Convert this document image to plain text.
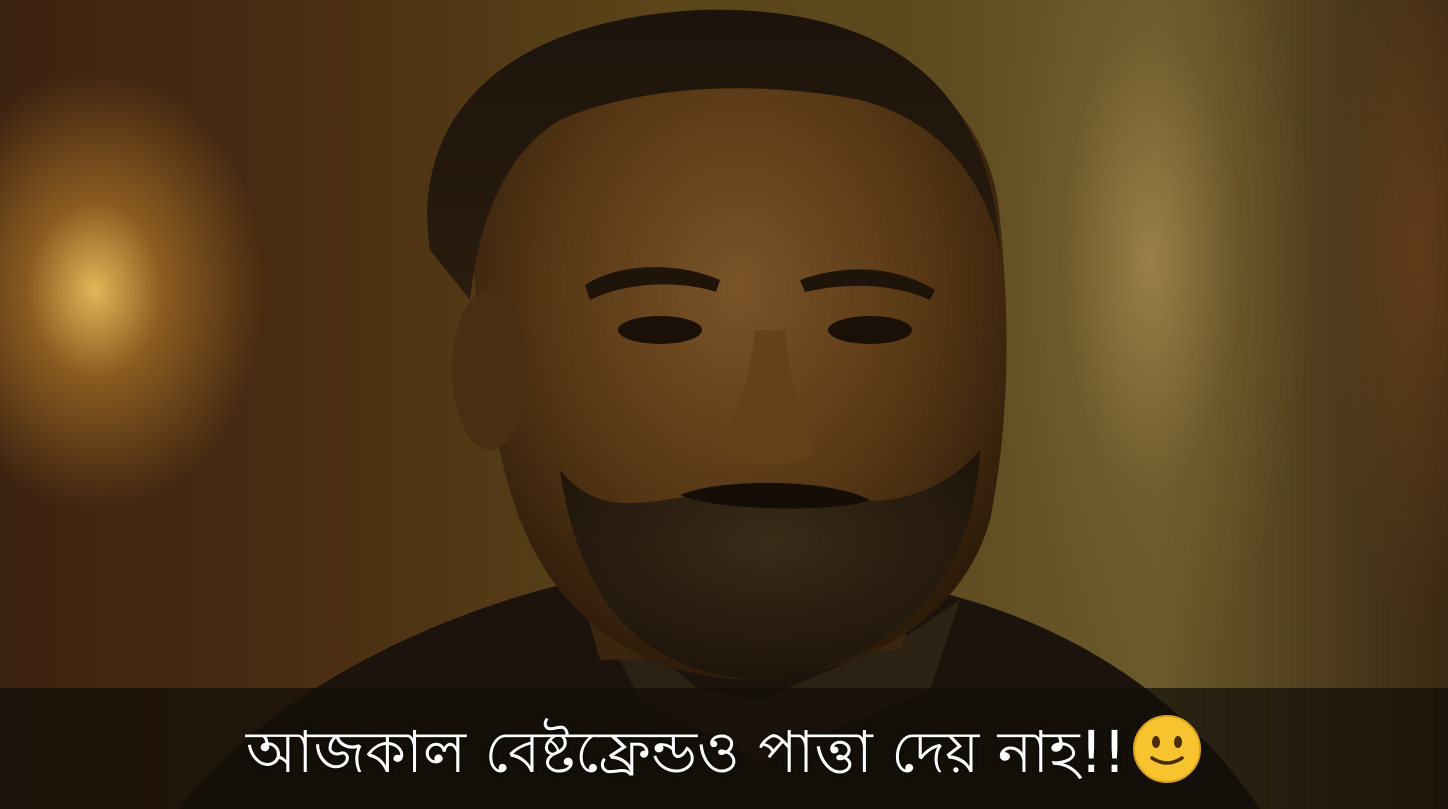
আজকাল বেষ্টফ্রেন্ডও পাত্তা দেয় নাহ!!
